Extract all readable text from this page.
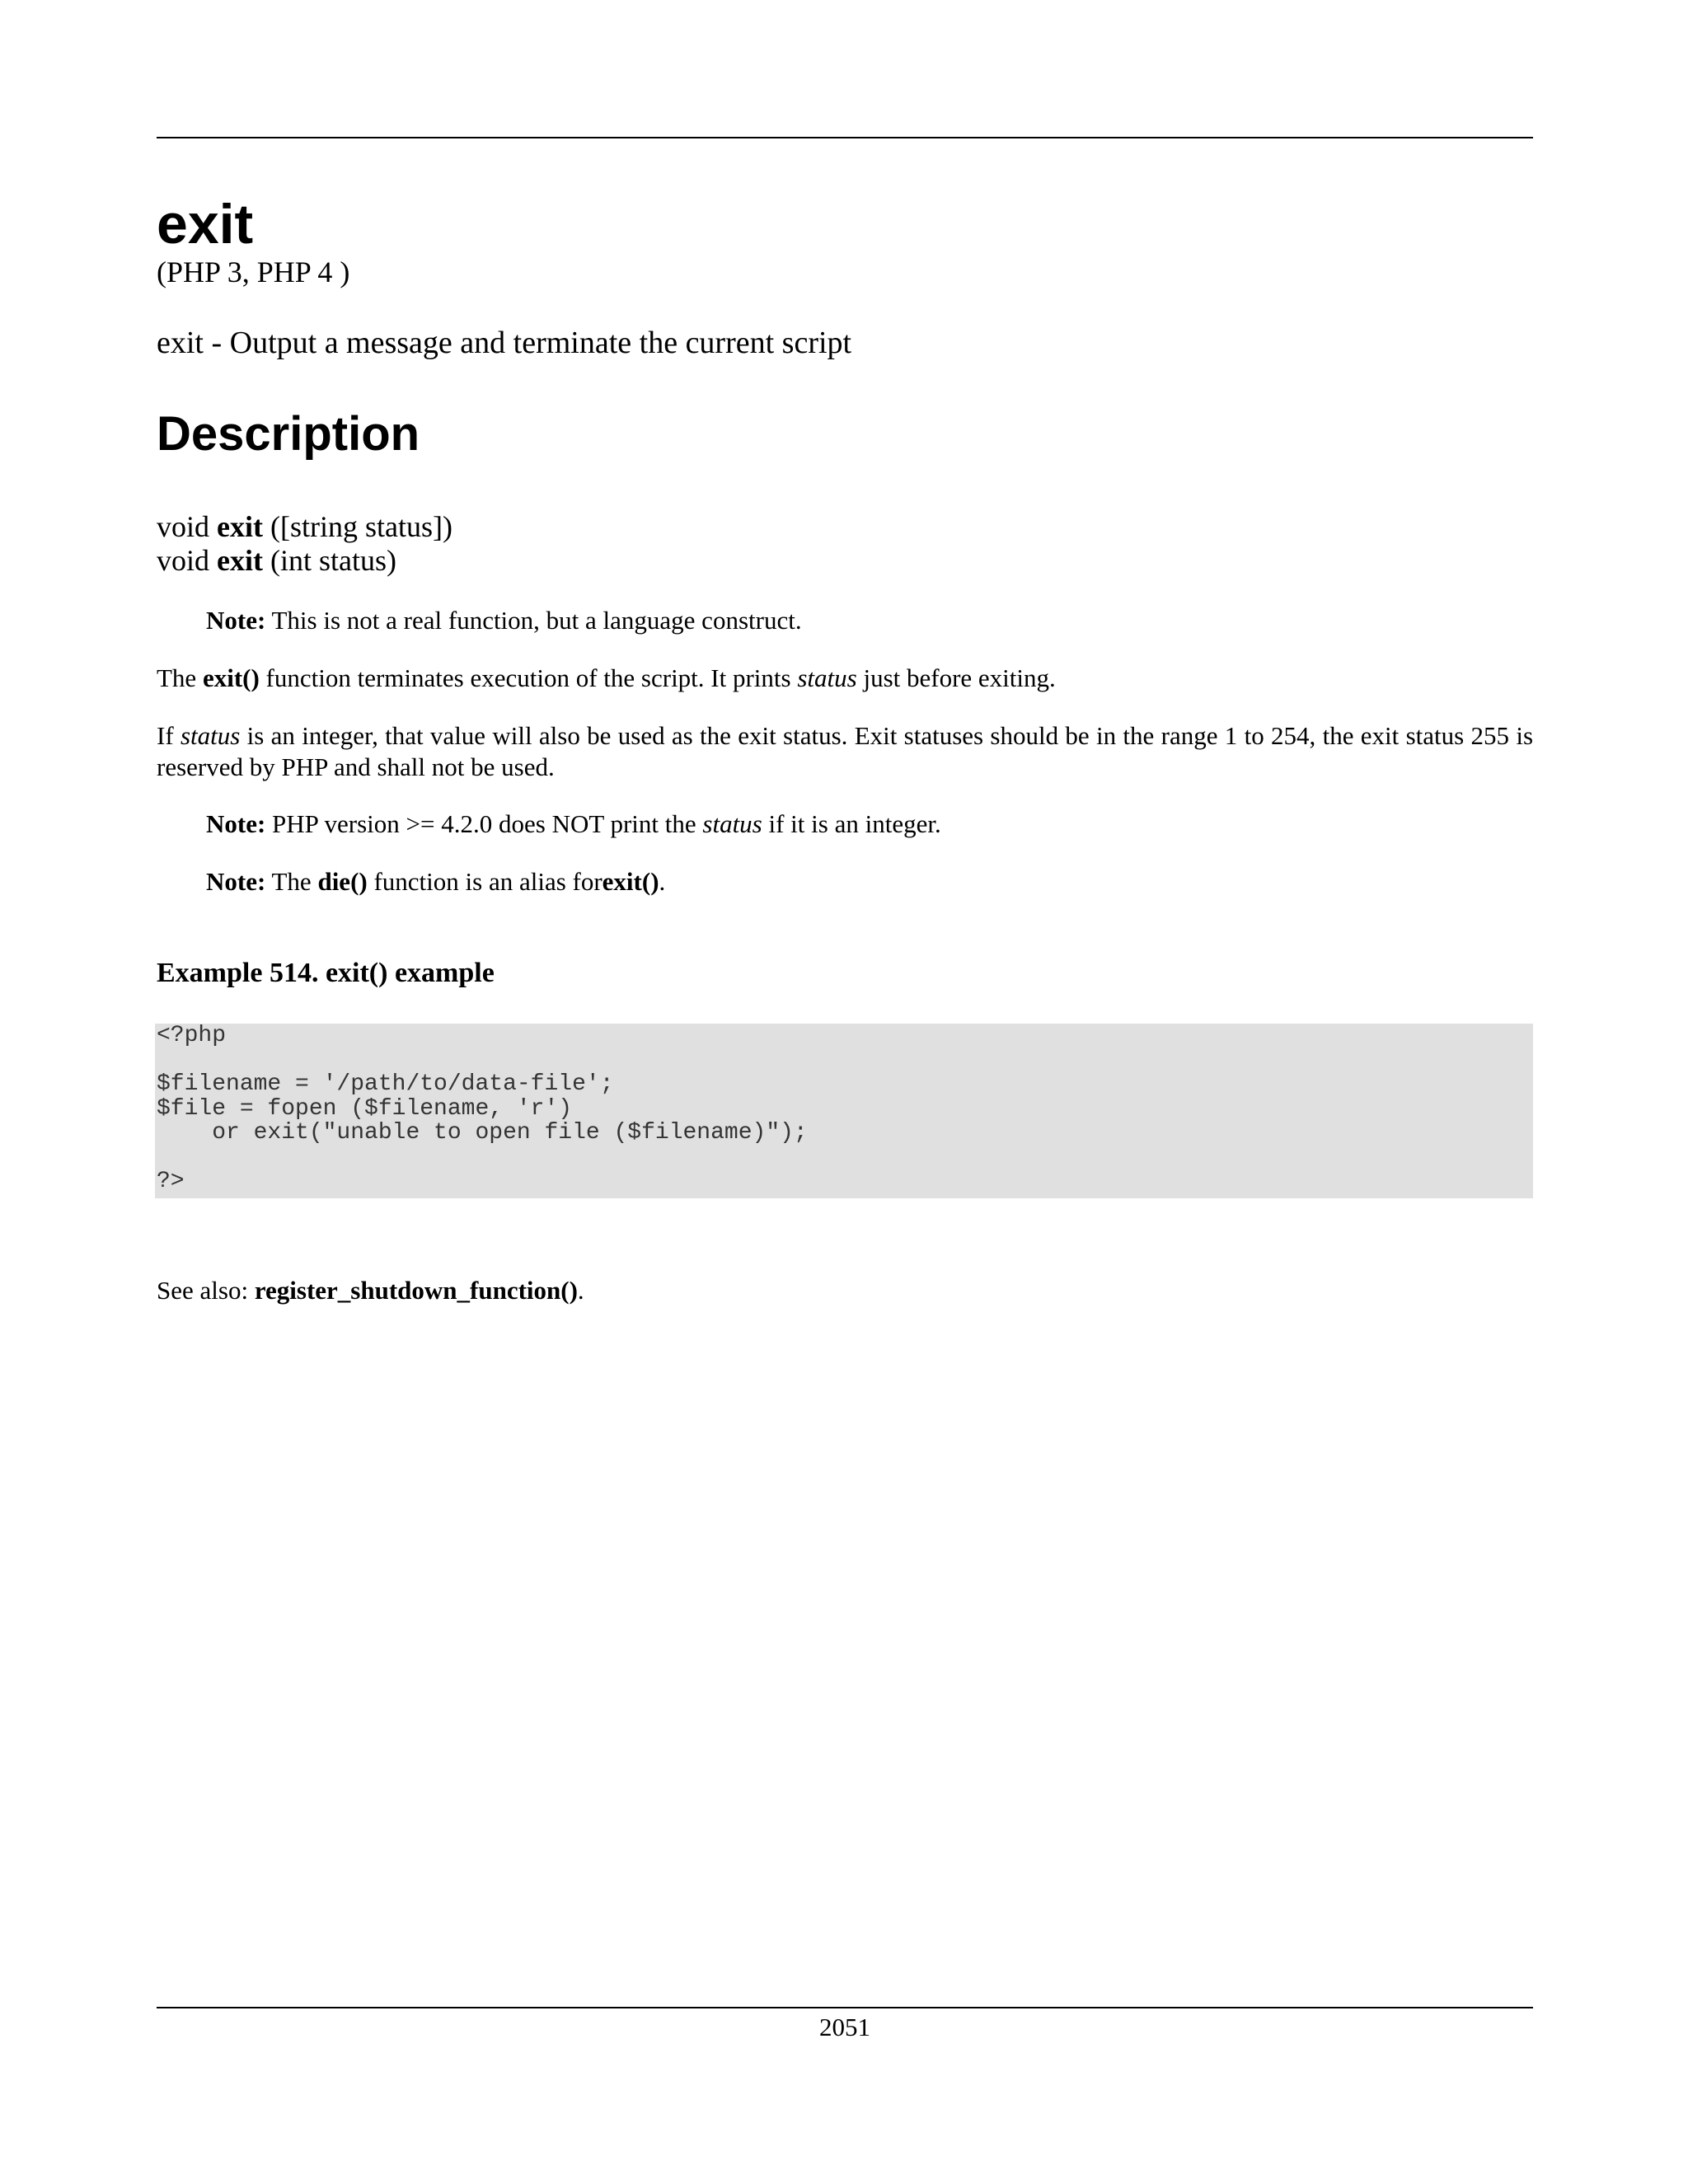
exit
(PHP 3, PHP 4 )
exit - Output a message and terminate the current script
Description
void exit ([string status])
void exit (int status)
Note: This is not a real function, but a language construct.
The exit() function terminates execution of the script. It prints status just before exiting.
If status is an integer, that value will also be used as the exit status. Exit statuses should be in the range 1 to 254, the exit status 255 is reserved by PHP and shall not be used.
Note: PHP version >= 4.2.0 does NOT print the status if it is an integer.
Note: The die() function is an alias forexit().
Example 514. exit() example
<?php
$filename = '/path/to/data-file';
$file = fopen ($filename, 'r')
or exit("unable to open file ($filename)");
?>
See also: register_shutdown_function().
2051
